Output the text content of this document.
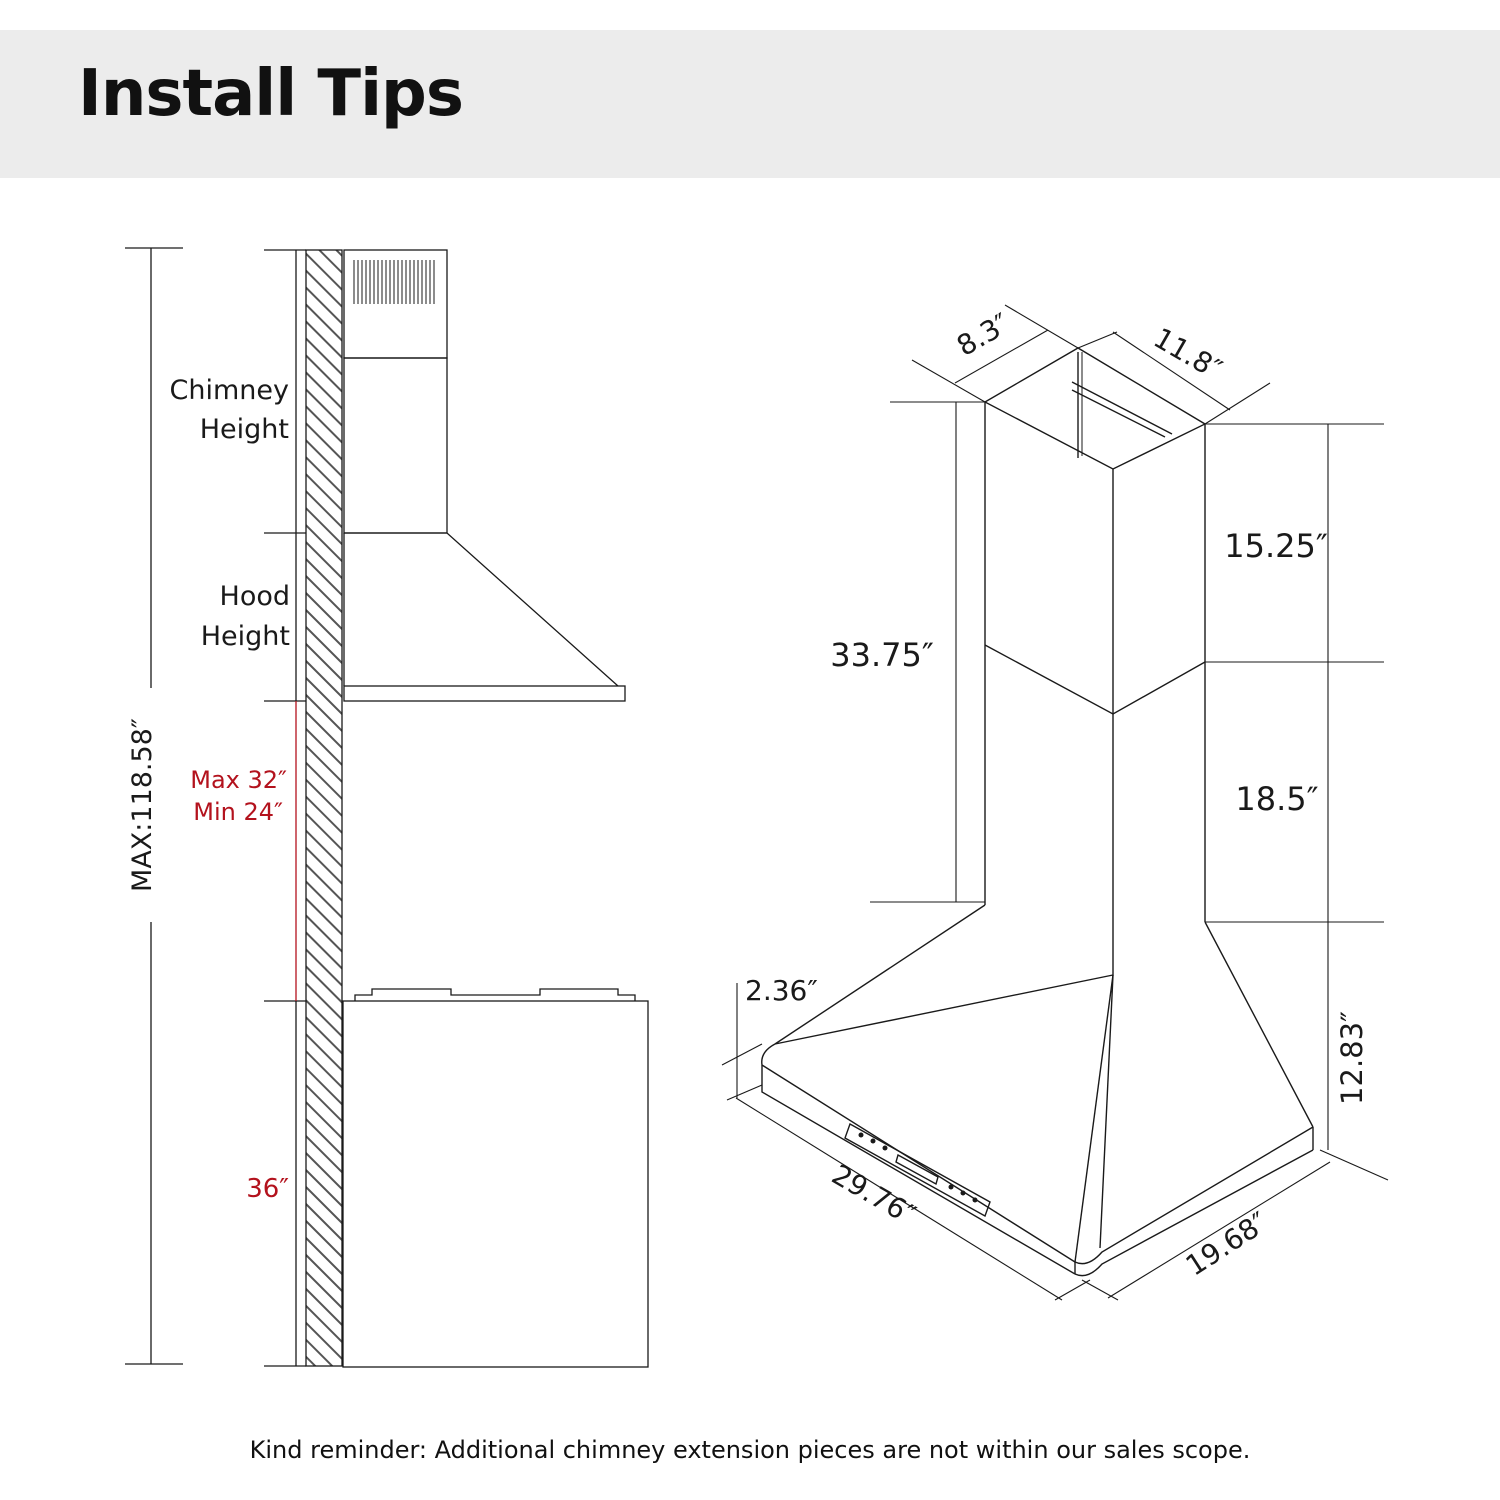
Install Tips
MAX:118.58″
Chimney
Height
Hood
Height
Max 32″
Min 24″
36″
8.3″	11.8″
33.75″
15.25″
18.5″
12.83″
2.36″
29.76″
19.68″
Kind reminder: Additional chimney extension pieces are not within our sales scope.
